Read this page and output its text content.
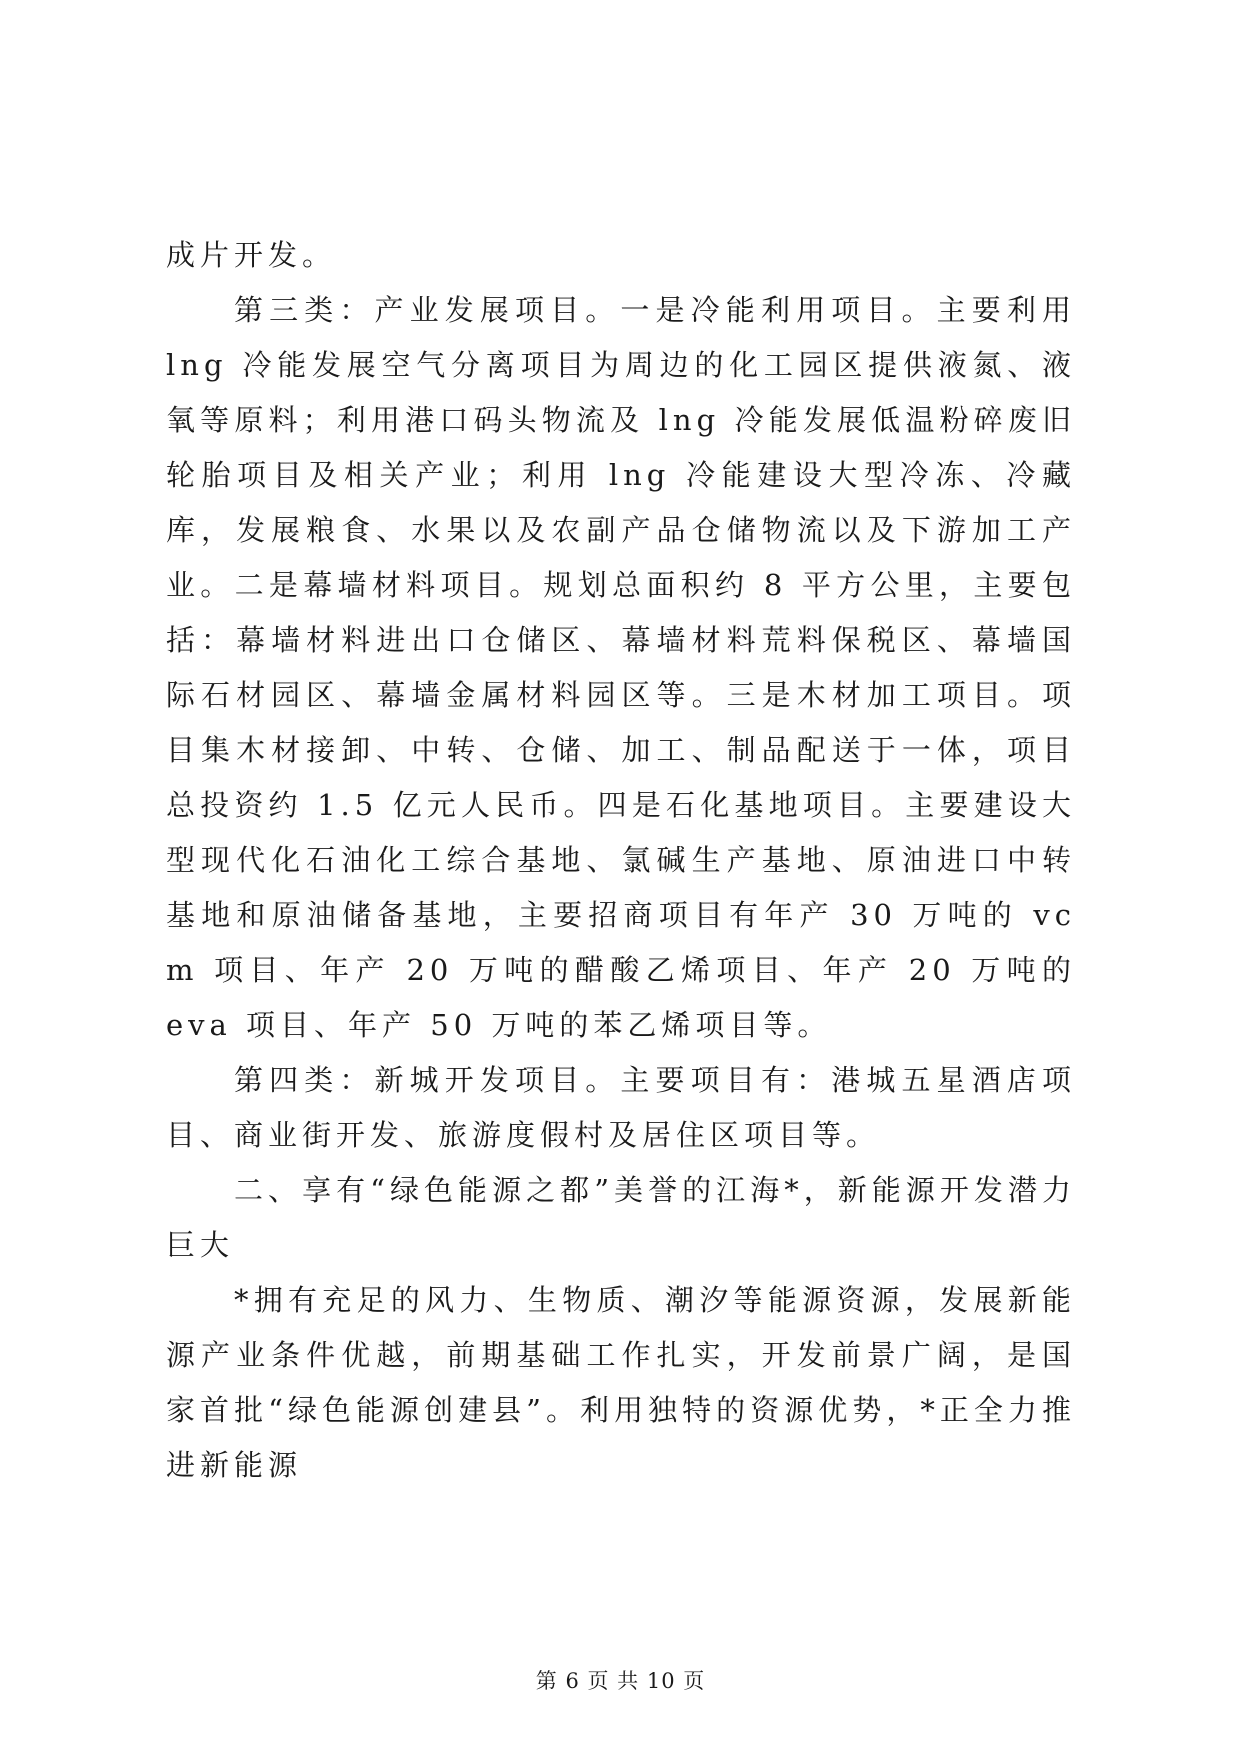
成片开发。

第三类：产业发展项目。一是冷能利用项目。主要利用 lng 冷能发展空气分离项目为周边的化工园区提供液氮、液氧等原料；利用港口码头物流及 lng 冷能发展低温粉碎废旧轮胎项目及相关产业；利用 lng 冷能建设大型冷冻、冷藏库，发展粮食、水果以及农副产品仓储物流以及下游加工产业。二是幕墙材料项目。规划总面积约 8 平方公里，主要包括：幕墙材料进出口仓储区、幕墙材料荒料保税区、幕墙国际石材园区、幕墙金属材料园区等。三是木材加工项目。项目集木材接卸、中转、仓储、加工、制品配送于一体，项目总投资约 1.5 亿元人民币。四是石化基地项目。主要建设大型现代化石油化工综合基地、氯碱生产基地、原油进口中转基地和原油储备基地，主要招商项目有年产 30 万吨的 vcm 项目、年产 20 万吨的醋酸乙烯项目、年产 20 万吨的 eva 项目、年产 50 万吨的苯乙烯项目等。

第四类：新城开发项目。主要项目有：港城五星酒店项目、商业街开发、旅游度假村及居住区项目等。

二、享有“绿色能源之都”美誉的江海*，新能源开发潜力巨大

*拥有充足的风力、生物质、潮汐等能源资源，发展新能源产业条件优越，前期基础工作扎实，开发前景广阔，是国家首批“绿色能源创建县”。利用独特的资源优势，*正全力推进新能源

第 6 页 共 10 页
